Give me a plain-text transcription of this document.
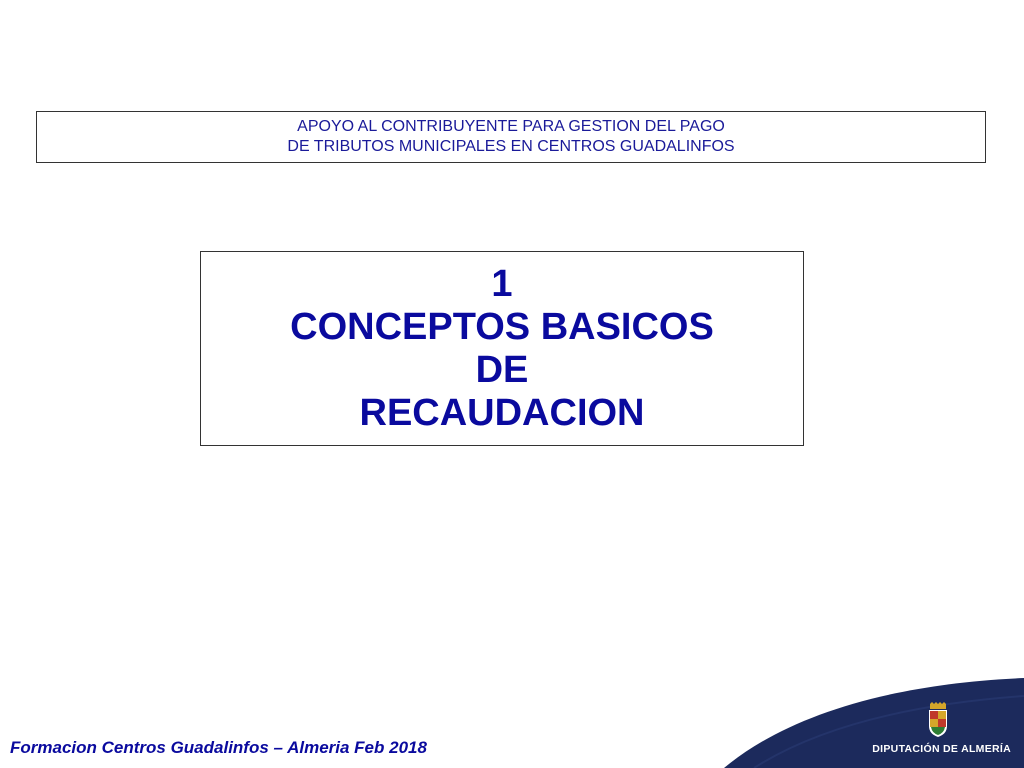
APOYO AL CONTRIBUYENTE PARA GESTION DEL PAGO
DE TRIBUTOS MUNICIPALES EN CENTROS GUADALINFOS
1
CONCEPTOS BASICOS
DE
RECAUDACION
Formacion Centros Guadalinfos – Almeria Feb 2018	DIPUTACIÓN DE ALMERÍA
